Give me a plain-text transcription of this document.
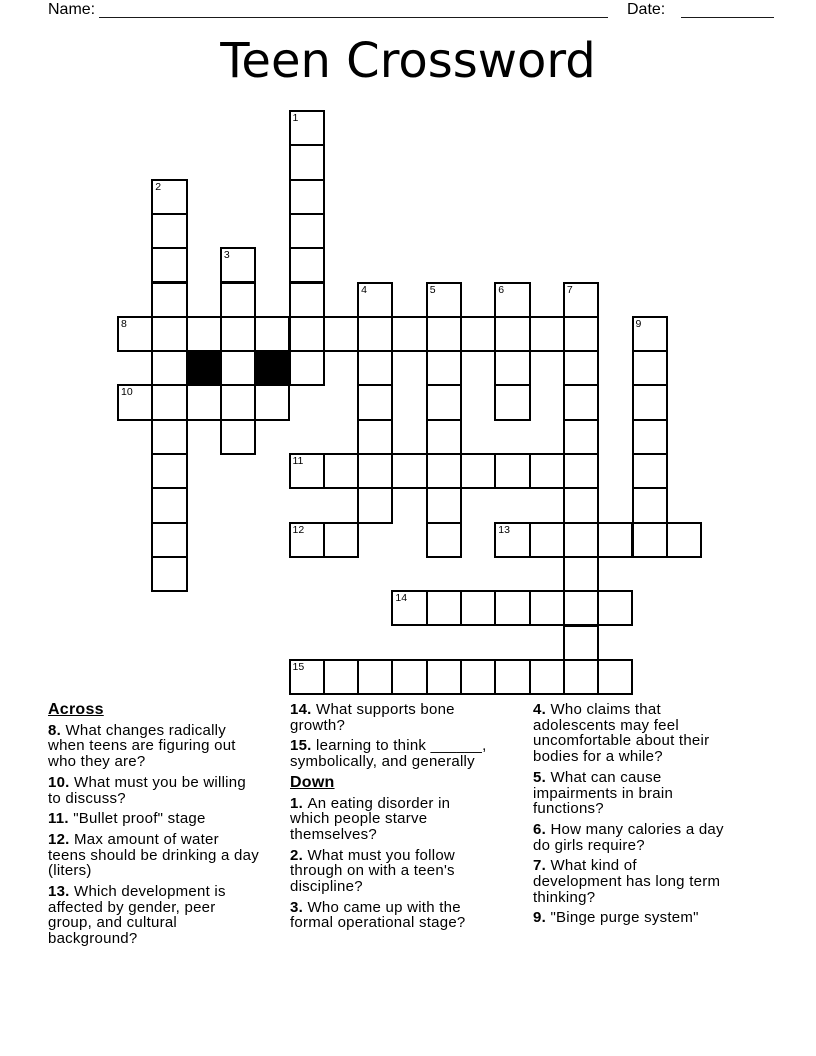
Name:	Date:
Teen Crossword
8
10
11
12	13
14
15
1
2
3
4	5	6	7
9
Across
8. What changes radically
when teens are figuring out
who they are?
10. What must you be willing
to discuss?
11. "Bullet proof" stage
12. Max amount of water
teens should be drinking a day
(liters)
13. Which development is
affected by gender, peer
group, and cultural
background?
14. What supports bone
growth?
15. learning to think ______,
symbolically, and generally
Down
1. An eating disorder in
which people starve
themselves?
2. What must you follow
through on with a teen's
discipline?
3. Who came up with the
formal operational stage?
4. Who claims that
adolescents may feel
uncomfortable about their
bodies for a while?
5. What can cause
impairments in brain
functions?
6. How many calories a day
do girls require?
7. What kind of
development has long term
thinking?
9. "Binge purge system"
